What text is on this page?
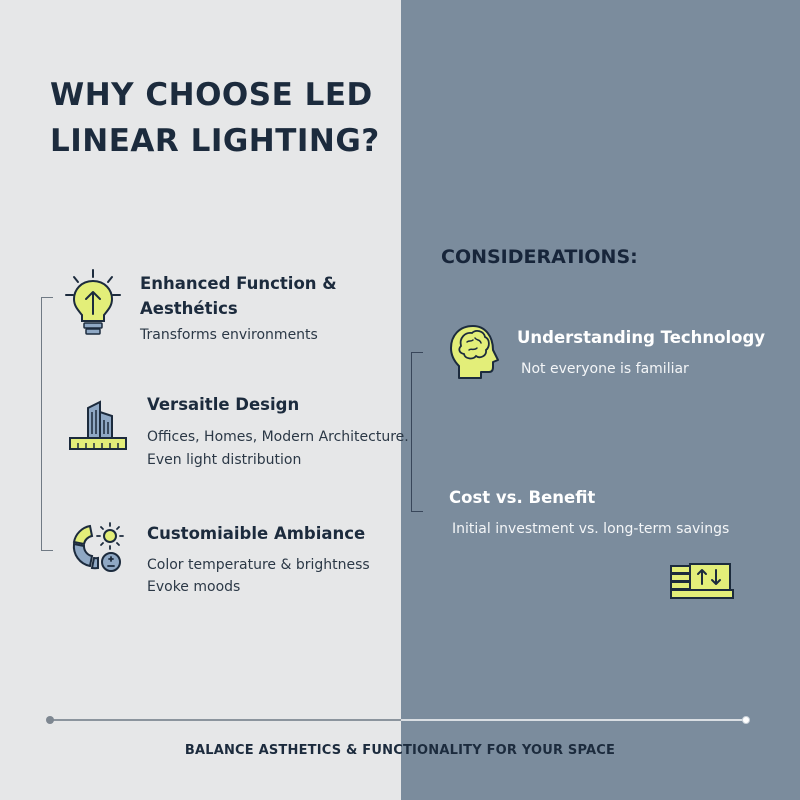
WHY CHOOSE LED LINEAR LIGHTING?
Enhanced Function &
Aesthétics
Transforms environments
Versaitle Design
Offices, Homes, Modern Architecture.
Even light distribution
Customiaible Ambiance
Color temperature & brightness
Evoke moods
CONSIDERATIONS:
Understanding Technology
Not everyone is familiar
Cost vs. Benefit
Initial investment vs. long-term savings
BALANCE ASTHETICS & FUNCTIONALITY FOR YOUR SPACE
